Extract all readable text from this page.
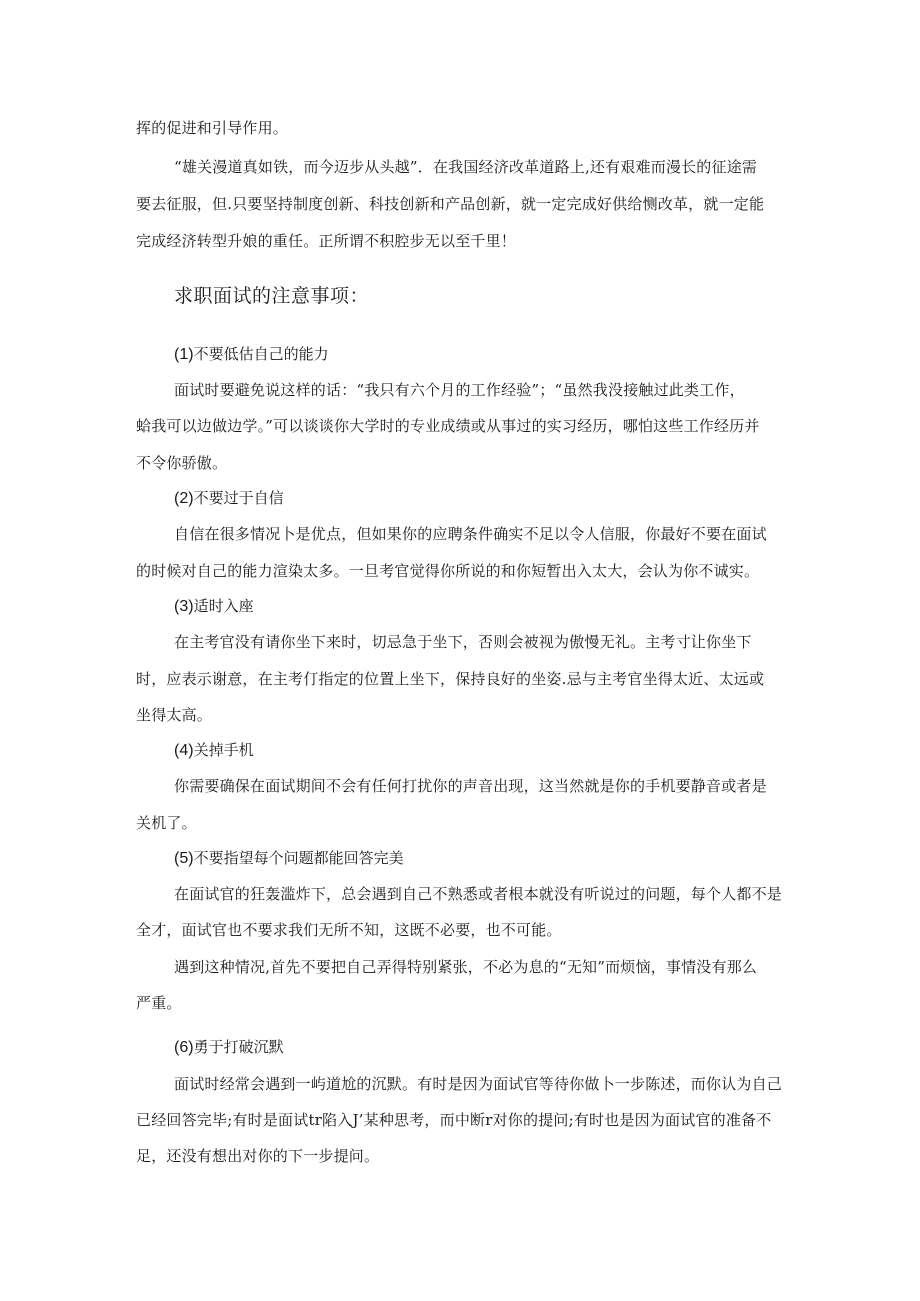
挥的促进和引导作用。
“雄关漫道真如铁，而今迈步从头越”．在我国经济改革道路上,还有艰难而漫长的征途需
要去征服，但.只要坚持制度创新、科技创新和产品创新，就一定完成好供给恻改革，就一定能
完成经济转型升娘的重任。正所谓不积腔步无以至千里！
求职面试的注意事项：
(1)不要低估自己的能力
面试时要避免说这样的话：“我只有六个月的工作经验”；“虽然我没接触过此类工作，
蛤我可以边做边学。”可以谈谈你大学时的专业成绩或从事过的实习经历，哪怕这些工作经历并
不令你骄傲。
(2)不要过于自信
自信在很多情况卜是优点，但如果你的应聘条件确实不足以令人信服，你最好不要在面试
的时候对自己的能力渲染太多。一旦考官觉得你所说的和你短暂出入太大，会认为你不诚实。
(3)适时入座
在主考官没有请你坐下来时，切忌急于坐下，否则会被视为傲慢无礼。主考寸让你坐下
时，应表示谢意，在主考仃指定的位置上坐下，保持良好的坐姿.忌与主考官坐得太近、太远或
坐得太高。
(4)关掉手机
你需要确保在面试期间不会有任何打扰你的声音出现，这当然就是你的手机要静音或者是
关机了。
(5)不要指望每个问题都能回答完美
在面试官的狂轰滥炸下，总会遇到自己不熟悉或者根本就没有听说过的问题，每个人都不是
全才，面试官也不要求我们无所不知，这既不必要，也不可能。
遇到这种情况,首先不要把自己弄得特别紧张，不必为息的“无知”而烦恼，事情没有那么
严重。
(6)勇于打破沉默
面试时经常会遇到一屿道尬的沉默。有时是因为面试官等待你做卜一步陈述，而你认为自己
已经回答完毕;有时是面试tr陷入J’某种思考，而中断r对你的提问;有时也是因为面试官的准备不
足，还没有想出对你的下一步提问。
